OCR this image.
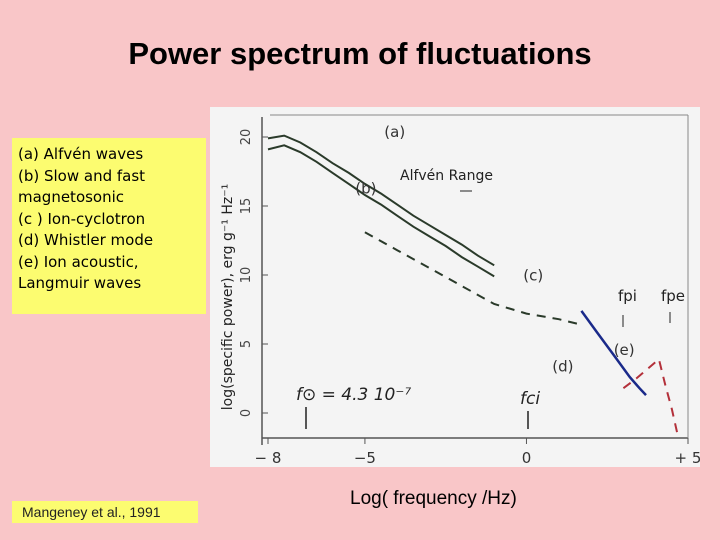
Power spectrum of fluctuations
(a) Alfvén waves
(b) Slow and fast
magnetosonic
(c ) Ion-cyclotron
(d) Whistler mode
(e) Ion acoustic,
Langmuir waves	log(specific power), erg g⁻¹ Hz⁻¹
Alfvén Range
f⊙ = 4.3 10⁻⁷	fci
fpi fpe
0
5
10
15
20
− 8	−5	0	+ 5
(a)
(b)
(c)
(d)
(e)
Mangeney et al., 1991
Log( frequency /Hz)
